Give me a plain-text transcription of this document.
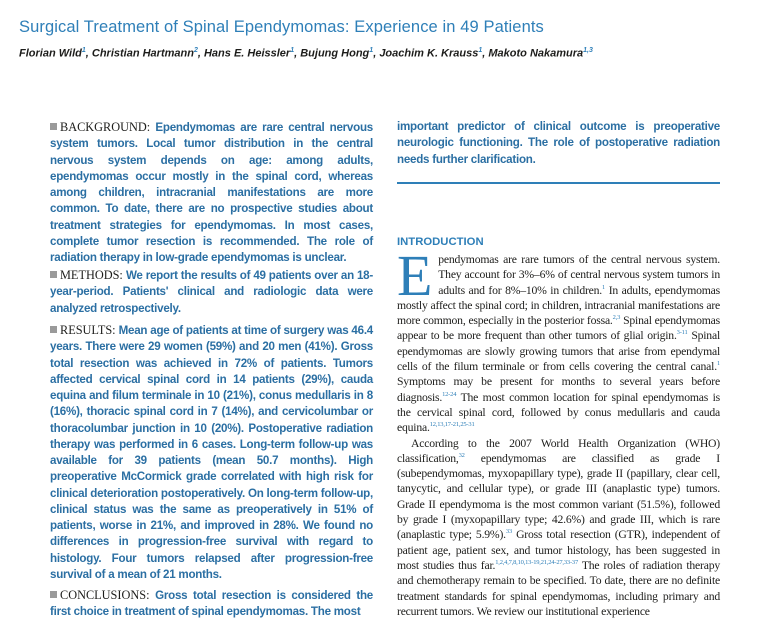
Surgical Treatment of Spinal Ependymomas: Experience in 49 Patients
Florian Wild$^1$, Christian Hartmann$^2$, Hans E. Heissler$^1$, Bujung Hong$^1$, Joachim K. Krauss$^1$, Makoto Nakamura$^{1,3}$
BACKGROUND: Ependymomas are rare central nervous system tumors. Local tumor distribution in the central nervous system depends on age: among adults, ependymomas occur mostly in the spinal cord, whereas among children, intracranial manifestations are more common. To date, there are no prospective studies about treatment strategies for ependymomas. In most cases, complete tumor resection is recommended. The role of radiation therapy in low-grade ependymomas is unclear.
METHODS: We report the results of 49 patients over an 18-year-period. Patients' clinical and radiologic data were analyzed retrospectively.
RESULTS: Mean age of patients at time of surgery was 46.4 years. There were 29 women (59%) and 20 men (41%). Gross total resection was achieved in 72% of patients. Tumors affected cervical spinal cord in 14 patients (29%), cauda equina and filum terminale in 10 (21%), conus medullaris in 8 (16%), thoracic spinal cord in 7 (14%), and cervicolumbar or thoracolumbar junction in 10 (20%). Postoperative radiation therapy was performed in 6 cases. Long-term follow-up was available for 39 patients (mean 50.7 months). High preoperative McCormick grade correlated with high risk for clinical deterioration postoperatively. On long-term follow-up, clinical status was the same as preoperatively in 51% of patients, worse in 21%, and improved in 28%. We found no differences in progression-free survival with regard to histology. Four tumors relapsed after progression-free survival of a mean of 21 months.
CONCLUSIONS: Gross total resection is considered the first choice in treatment of spinal ependymomas. The most
important predictor of clinical outcome is preoperative neurologic functioning. The role of postoperative radiation needs further clarification.
INTRODUCTION
Ependymomas are rare tumors of the central nervous system. They account for 3%–6% of central nervous system tumors in adults and for 8%–10% in children.$^1$ In adults, ependymomas mostly affect the spinal cord; in children, intracranial manifestations are more common, especially in the posterior fossa.$^{2,3}$ Spinal ependymomas appear to be more frequent than other tumors of glial origin.$^{3-11}$ Spinal ependymomas are slowly growing tumors that arise from ependymal cells of the filum terminale or from cells covering the central canal.$^1$ Symptoms may be present for months to several years before diagnosis.$^{12-24}$ The most common location for spinal ependymomas is the cervical spinal cord, followed by conus medullaris and cauda equina.$^{12,13,17-21,25-31}$
According to the 2007 World Health Organization (WHO) classification,$^{32}$ ependymomas are classified as grade I (subependymomas, myxopapillary type), grade II (papillary, clear cell, tanycytic, and cellular type), or grade III (anaplastic type) tumors. Grade II ependymoma is the most common variant (51.5%), followed by grade I (myxopapillary type; 42.6%) and grade III, which is rare (anaplastic type; 5.9%).$^{33}$ Gross total resection (GTR), independent of patient age, patient sex, and tumor histology, has been suggested in most studies thus far.$^{1,2,4,7,8,10,13-19,21,24-27,33-37}$ The roles of radiation therapy and chemotherapy remain to be specified. To date, there are no definite treatment standards for spinal ependymomas, including primary and recurrent tumors. We review our institutional experience
